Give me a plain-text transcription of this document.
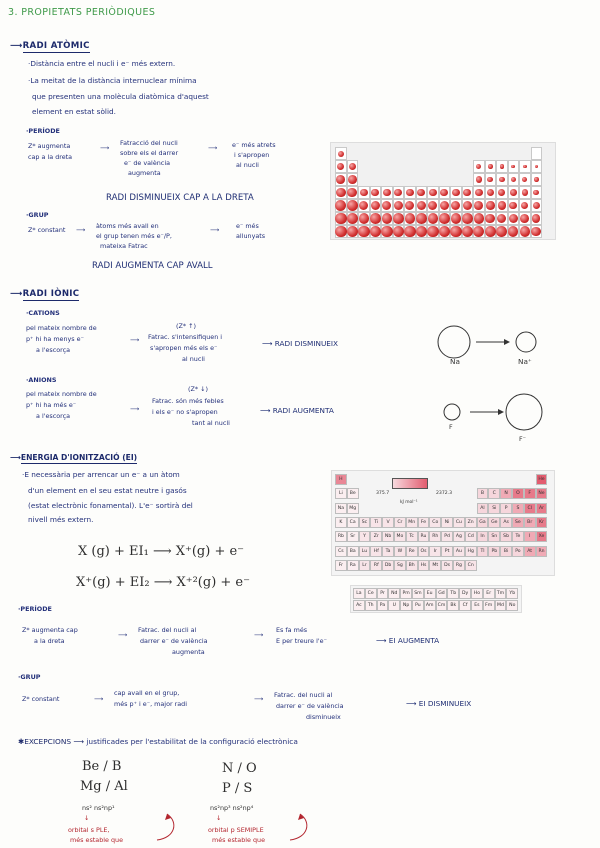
3. PROPIETATS PERIÒDIQUES
⟶RADI ATÒMIC
·Distància entre el nucli i e⁻ més extern.
·La meitat de la distància internuclear mínima
que presenten una molècula diatòmica d'aquest
element en estat sòlid.
·PERÍODE
Z* augmenta
cap a la dreta
⟶
Fatracció del nucli
sobre els el darrer
e⁻ de valència
augmenta
⟶ e⁻ més atrets
i s'apropen
al nucli
RADI DISMINUEIX CAP A LA DRETA
·GRUP
Z* constant ⟶ àtoms més avall en
el grup tenen més e⁻/P,
mateixa Fatrac
⟶	e⁻ més
allunyats
RADI AUGMENTA CAP AVALL
⟶RADI IÒNIC
·CATIONS
pel mateix nombre de
p⁺ hi ha menys e⁻
a l'escorça
⟶
(Z* ↑)
Fatrac. s'intensifiquen i
s'apropen més els e⁻
al nucli
⟶ RADI DISMINUEIX
Na	Na⁺
·ANIONS
pel mateix nombre de
p⁺ hi ha més e⁻
a l'escorça
⟶
(Z* ↓)
Fatrac. són més febles
i els e⁻ no s'apropen
tant al nucli
⟶ RADI AUGMENTA
F
F⁻
⟶ENERGIA D'IONITZACIÓ (EI)
·E necessària per arrencar un e⁻ a un àtom
d'un element en el seu estat neutre i gasós
(estat electrònic fonamental). L'e⁻ sortirà del
nivell més extern.
X (g) + EI₁ ⟶ X⁺(g) + e⁻
X⁺(g) + EI₂ ⟶ X⁺²(g) + e⁻
H	He
Li	Be	B	C	N	O	F	Ne
Na	Mg	Al	Si	P	S	Cl	Ar
K	Ca	Sc	Ti	V	Cr	Mn	Fe	Co	Ni	Cu	Zn	Ga	Ge	As	Se	Br	Kr
Rb	Sr	Y	Zr	Nb	Mo	Tc	Ru	Rh	Pd	Ag	Cd	In	Sn	Sb	Te	I	Xe
Cs	Ba	Lu	Hf	Ta	W	Re	Os	Ir	Pt	Au	Hg	Tl	Pb	Bi	Po	At	Rn
Fr	Ra	Lr	Rf	Db	Sg	Bh	Hs	Mt	Ds	Rg	Cn
375.7	2372.3
kJ mol⁻¹
La	Ce	Pr	Nd	Pm Sm	Eu	Gd	Tb	Dy	Ho	Er	Tm	Yb
Ac	Th	Pa	U	Np	Pu	Am Cm	Bk	Cf	Es	Fm	Md	No
·PERÍODE
Z* augmenta cap
a la dreta
⟶
Fatrac. del nucli al
darrer e⁻ de valència
augmenta
⟶
Es fa més
E per treure l'e⁻	⟶ EI AUGMENTA
·GRUP
Z* constant	⟶
cap avall en el grup,
més p⁺ i e⁻, major radi
⟶ Fatrac. del nucli al
darrer e⁻ de valència
disminueix
⟶ EI DISMINUEIX
✱EXCEPCIONS ⟶ justificades per l'estabilitat de la configuració electrònica
Be / B
Mg / Al
N / O
P / S
ns² ns²np¹	ns²np³ ns²np⁴
↓	↓
orbital s PLE,
més estable que
orbital p SEMIPLE
més estable que
